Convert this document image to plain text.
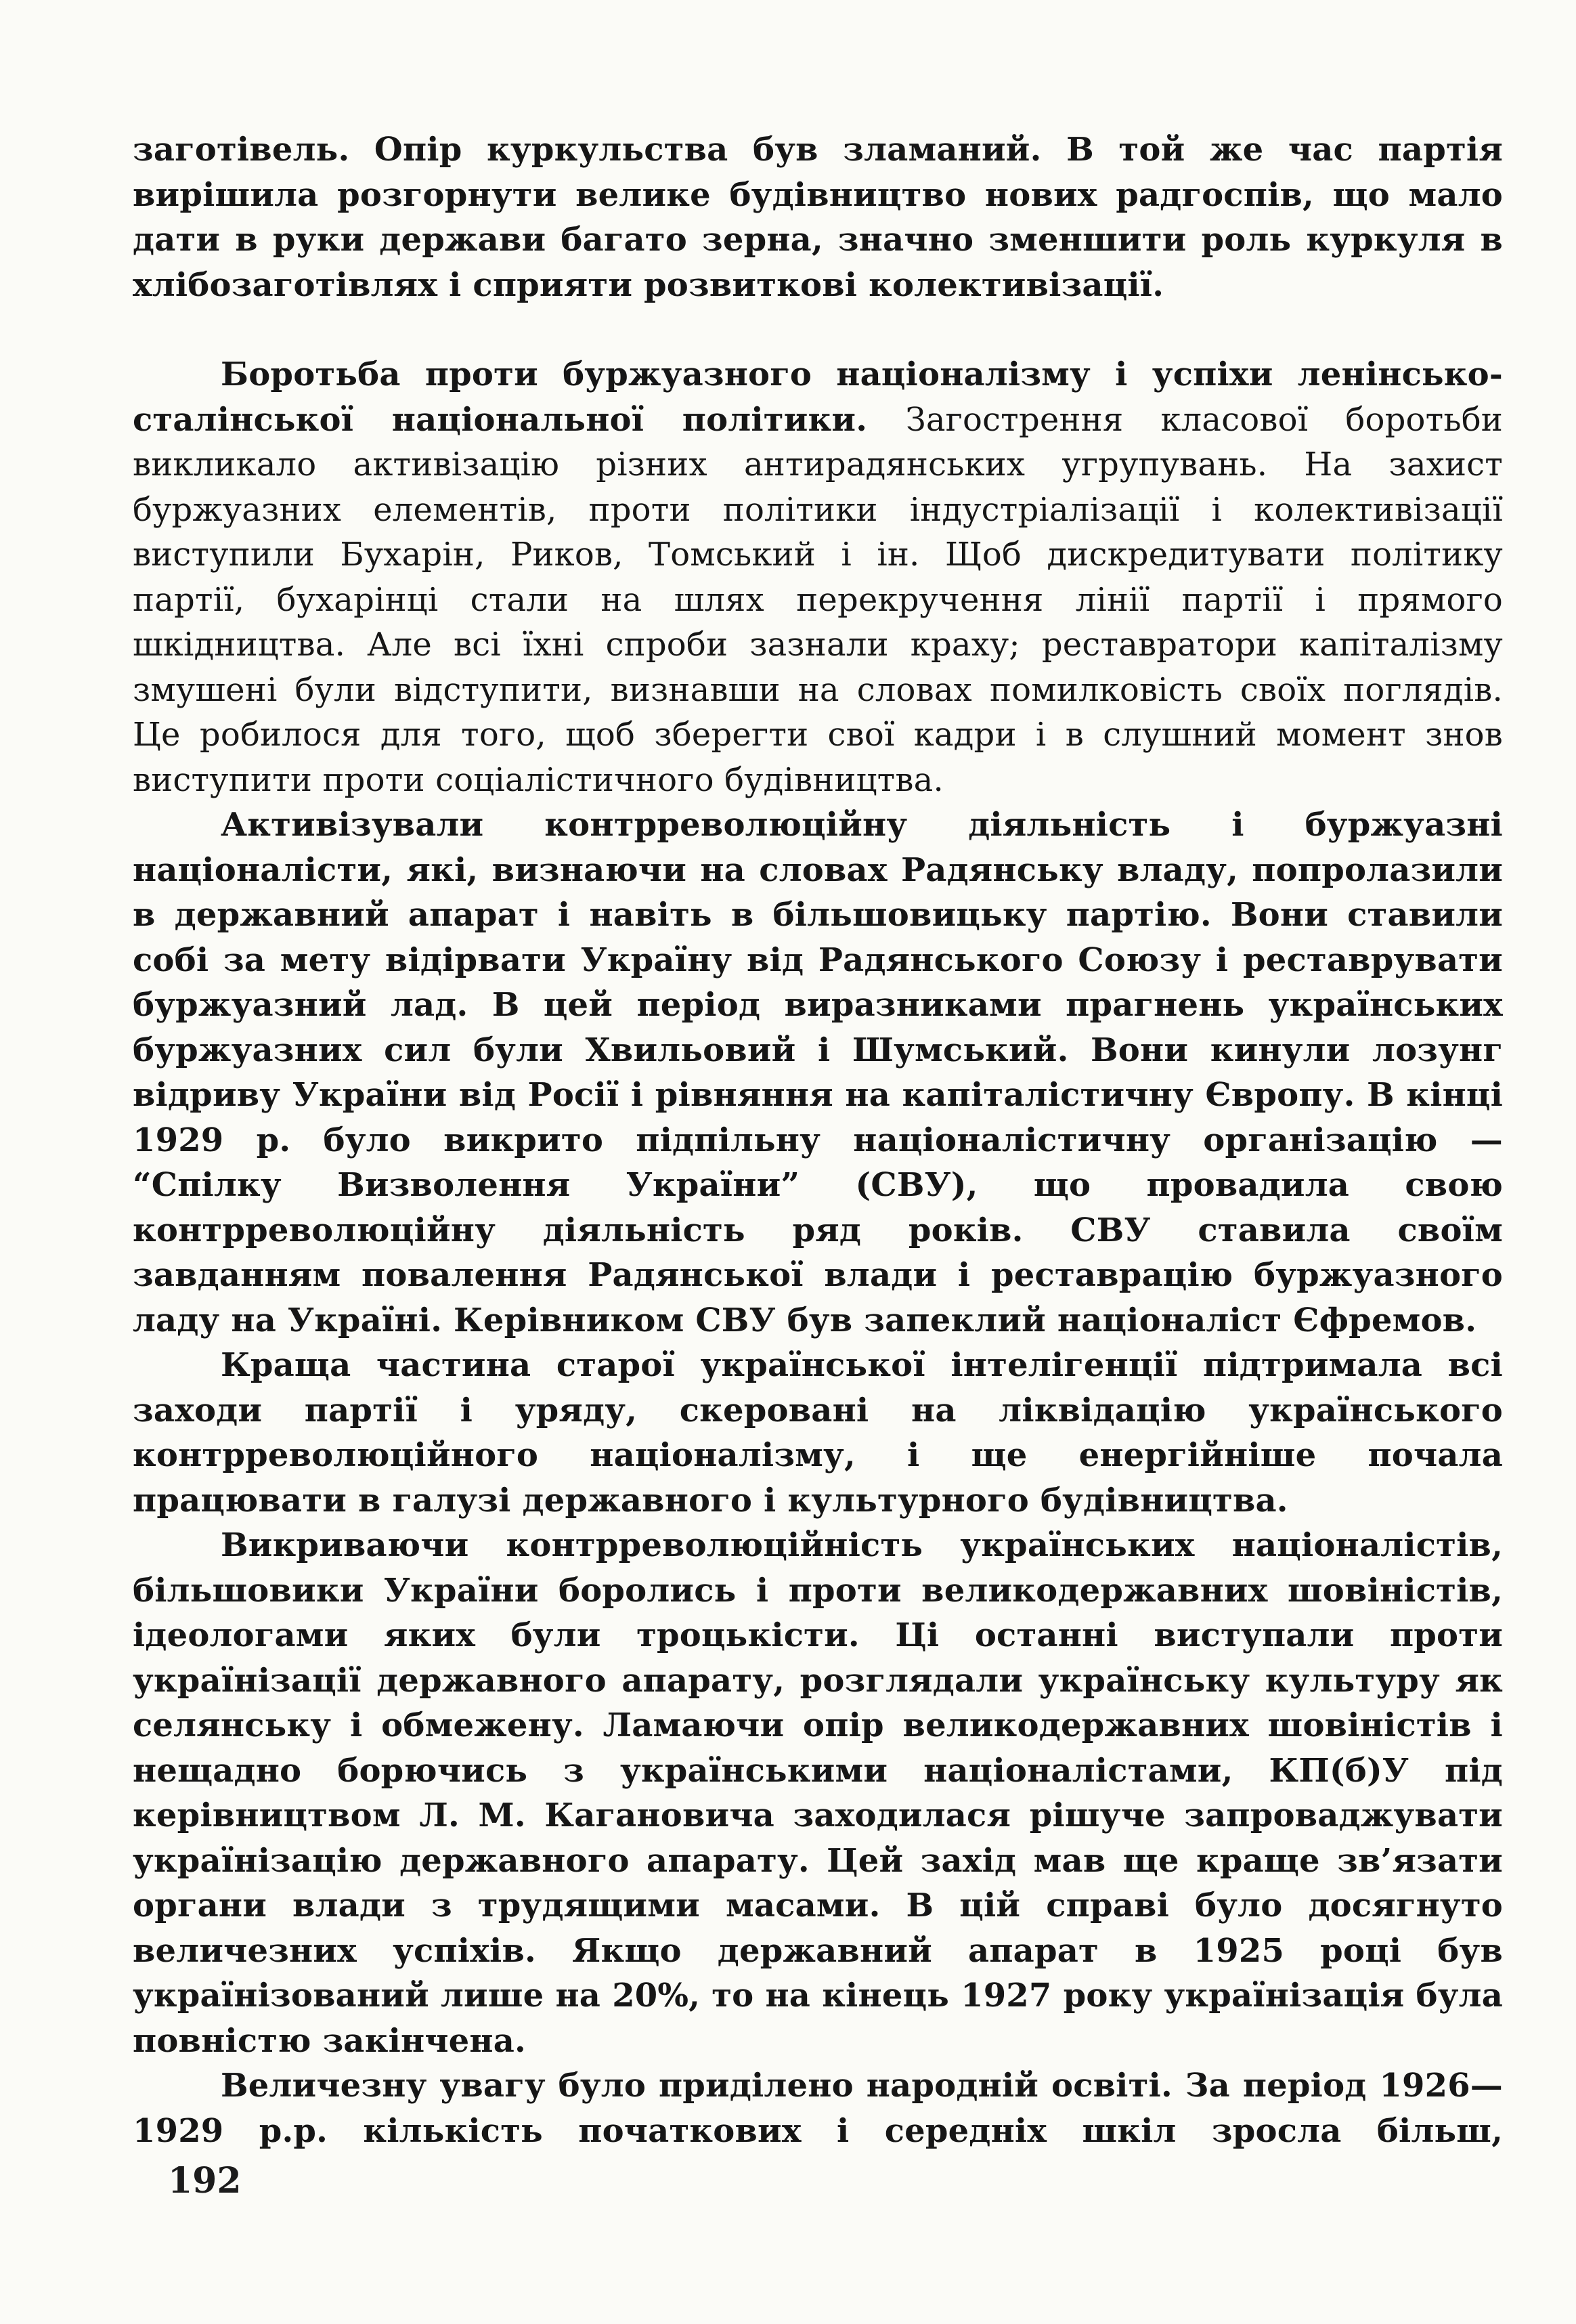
заготівель. Опір куркульства був зламаний. В той же час партія вирішила розгорнути велике будівництво нових радгоспів, що мало дати в руки держави багато зерна, значно зменшити роль куркуля в хлібозаготівлях і сприяти розвиткові колективізації.

Боротьба проти буржуазного націоналізму і успіхи ленінсько-сталінської національної політики. Загострення класової боротьби викликало активізацію різних антирадянських угрупувань. На захист буржуазних елементів, проти політики індустріалізації і колективізації виступили Бухарін, Риков, Томський і ін. Щоб дискредитувати політику партії, бухарінці стали на шлях перекручення лінії партії і прямого шкідництва. Але всі їхні спроби зазнали краху; реставратори капіталізму змушені були відступити, визнавши на словах помилковість своїх поглядів. Це робилося для того, щоб зберегти свої кадри і в слушний момент знов виступити проти соціалістичного будівництва.

Активізували контрреволюційну діяльність і буржуазні націоналісти, які, визнаючи на словах Радянську владу, попролазили в державний апарат і навіть в більшовицьку партію. Вони ставили собі за мету відірвати Україну від Радянського Союзу і реставрувати буржуазний лад. В цей період виразниками прагнень українських буржуазних сил були Хвильовий і Шумський. Вони кинули лозунг відриву України від Росії і рівняння на капіталістичну Європу. В кінці 1929 р. було викрито підпільну націоналістичну організацію — “Спілку Визволення України” (СВУ), що провадила свою контрреволюційну діяльність ряд років. СВУ ставила своїм завданням повалення Радянської влади і реставрацію буржуазного ладу на Україні. Керівником СВУ був запеклий націоналіст Єфремов.

Краща частина старої української інтелігенції підтримала всі заходи партії і уряду, скеровані на ліквідацію українського контрреволюційного націоналізму, і ще енергійніше почала працювати в галузі державного і культурного будівництва.

Викриваючи контрреволюційність українських націоналістів, більшовики України боролись і проти великодержавних шовіністів, ідеологами яких були троцькісти. Ці останні виступали проти українізації державного апарату, розглядали українську культуру як селянську і обмежену. Ламаючи опір великодержавних шовіністів і нещадно борючись з українськими націоналістами, КП(б)У під керівництвом Л. М. Кагановича заходилася рішуче запроваджувати українізацію державного апарату. Цей захід мав ще краще зв’язати органи влади з трудящими масами. В цій справі було досягнуто величезних успіхів. Якщо державний апарат в 1925 році був українізований лише на 20%, то на кінець 1927 року українізація була повністю закінчена.

Величезну увагу було приділено народній освіті. За період 1926—1929 р.р. кількість початкових і середніх шкіл зросла більш,

192
